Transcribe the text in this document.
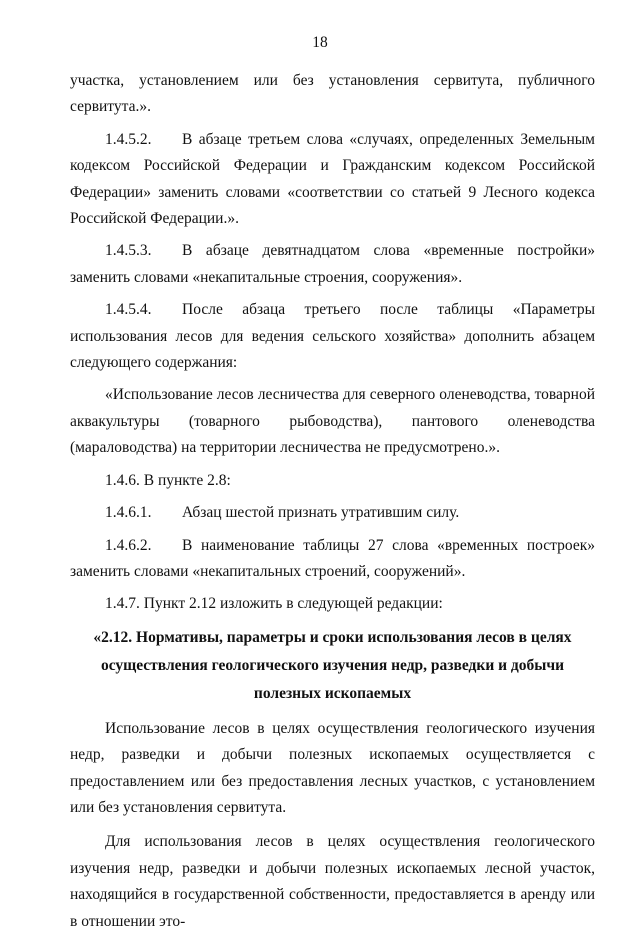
18

участка, установлением или без установления сервитута, публичного сервитута.».

1.4.5.2. В абзаце третьем слова «случаях, определенных Земельным кодексом Российской Федерации и Гражданским кодексом Российской Федерации» заменить словами «соответствии со статьей 9 Лесного кодекса Российской Федерации.».

1.4.5.3. В абзаце девятнадцатом слова «временные постройки» заменить словами «некапитальные строения, сооружения».

1.4.5.4. После абзаца третьего после таблицы «Параметры использования лесов для ведения сельского хозяйства» дополнить абзацем следующего содержания:

«Использование лесов лесничества для северного оленеводства, товарной аквакультуры (товарного рыбоводства), пантового оленеводства (мараловодства) на территории лесничества не предусмотрено.».

1.4.6. В пункте 2.8:

1.4.6.1. Абзац шестой признать утратившим силу.

1.4.6.2. В наименование таблицы 27 слова «временных построек» заменить словами «некапитальных строений, сооружений».

1.4.7. Пункт 2.12 изложить в следующей редакции:

«2.12. Нормативы, параметры и сроки использования лесов в целях
осуществления геологического изучения недр, разведки и добычи
полезных ископаемых

Использование лесов в целях осуществления геологического изучения недр, разведки и добычи полезных ископаемых осуществляется с предоставлением или без предоставления лесных участков, с установлением или без установления сервитута.

Для использования лесов в целях осуществления геологического изучения недр, разведки и добычи полезных ископаемых лесной участок, находящийся в государственной собственности, предоставляется в аренду или в отношении это-
